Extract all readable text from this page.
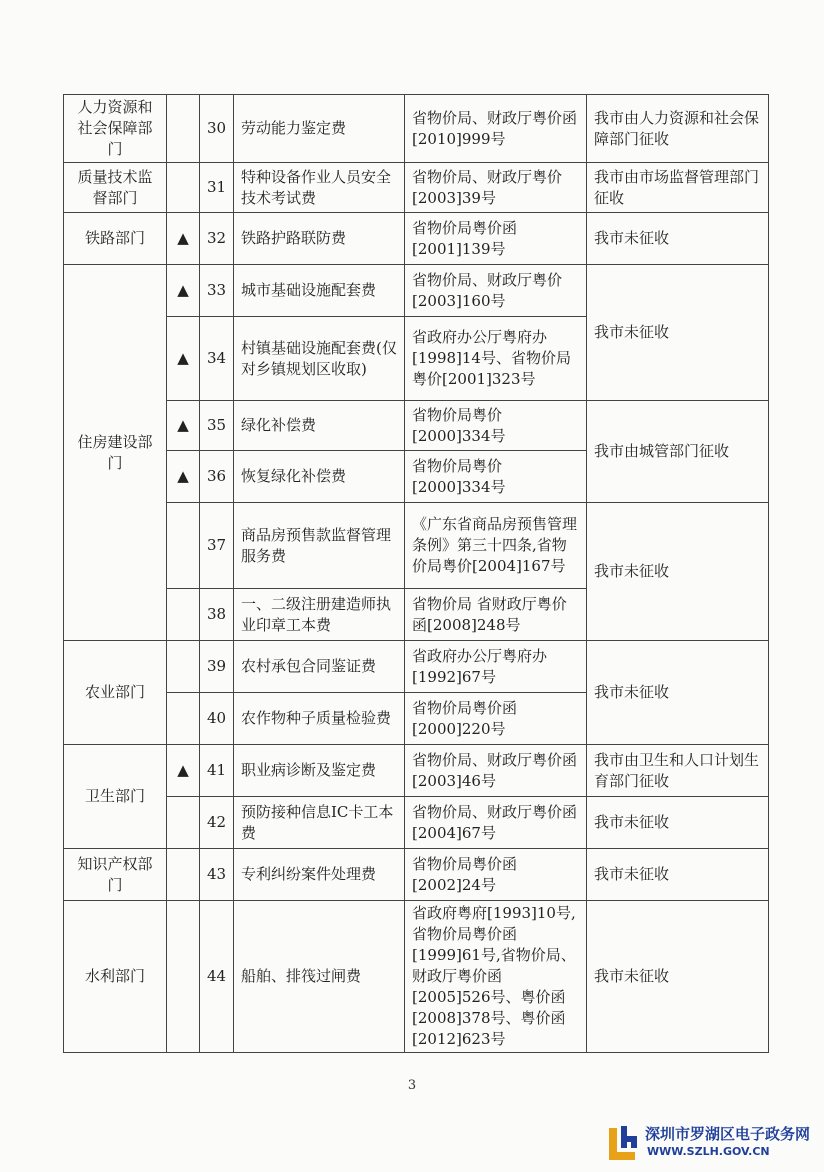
人力资源和社会保障部门		30	劳动能力鉴定费	省物价局、财政厅粤价函[2010]999号	我市由人力资源和社会保障部门征收
质量技术监督部门		31	特种设备作业人员安全技术考试费	省物价局、财政厅粤价[2003]39号	我市由市场监督管理部门征收
铁路部门	▲	32	铁路护路联防费	省物价局粤价函[2001]139号	我市未征收
住房建设部门	▲	33	城市基础设施配套费	省物价局、财政厅粤价[2003]160号	我市未征收
	▲	34	村镇基础设施配套费(仅对乡镇规划区收取)	省政府办公厅粤府办[1998]14号、省物价局粤价[2001]323号	
	▲	35	绿化补偿费	省物价局粤价[2000]334号	我市由城管部门征收
	▲	36	恢复绿化补偿费	省物价局粤价[2000]334号	
		37	商品房预售款监督管理服务费	《广东省商品房预售管理条例》第三十四条,省物价局粤价[2004]167号	我市未征收
		38	一、二级注册建造师执业印章工本费	省物价局 省财政厅粤价函[2008]248号	
农业部门		39	农村承包合同鉴证费	省政府办公厅粤府办[1992]67号	我市未征收
		40	农作物种子质量检验费	省物价局粤价函[2000]220号	
卫生部门	▲	41	职业病诊断及鉴定费	省物价局、财政厅粤价函[2003]46号	我市由卫生和人口计划生育部门征收
		42	预防接种信息IC卡工本费	省物价局、财政厅粤价函[2004]67号	我市未征收
知识产权部门		43	专利纠纷案件处理费	省物价局粤价函[2002]24号	我市未征收
水利部门		44	船舶、排筏过闸费	省政府粤府[1993]10号,省物价局粤价函[1999]61号,省物价局、财政厅粤价函[2005]526号、粤价函[2008]378号、粤价函[2012]623号	我市未征收
3
深圳市罗湖区电子政务网
WWW.SZLH.GOV.CN
